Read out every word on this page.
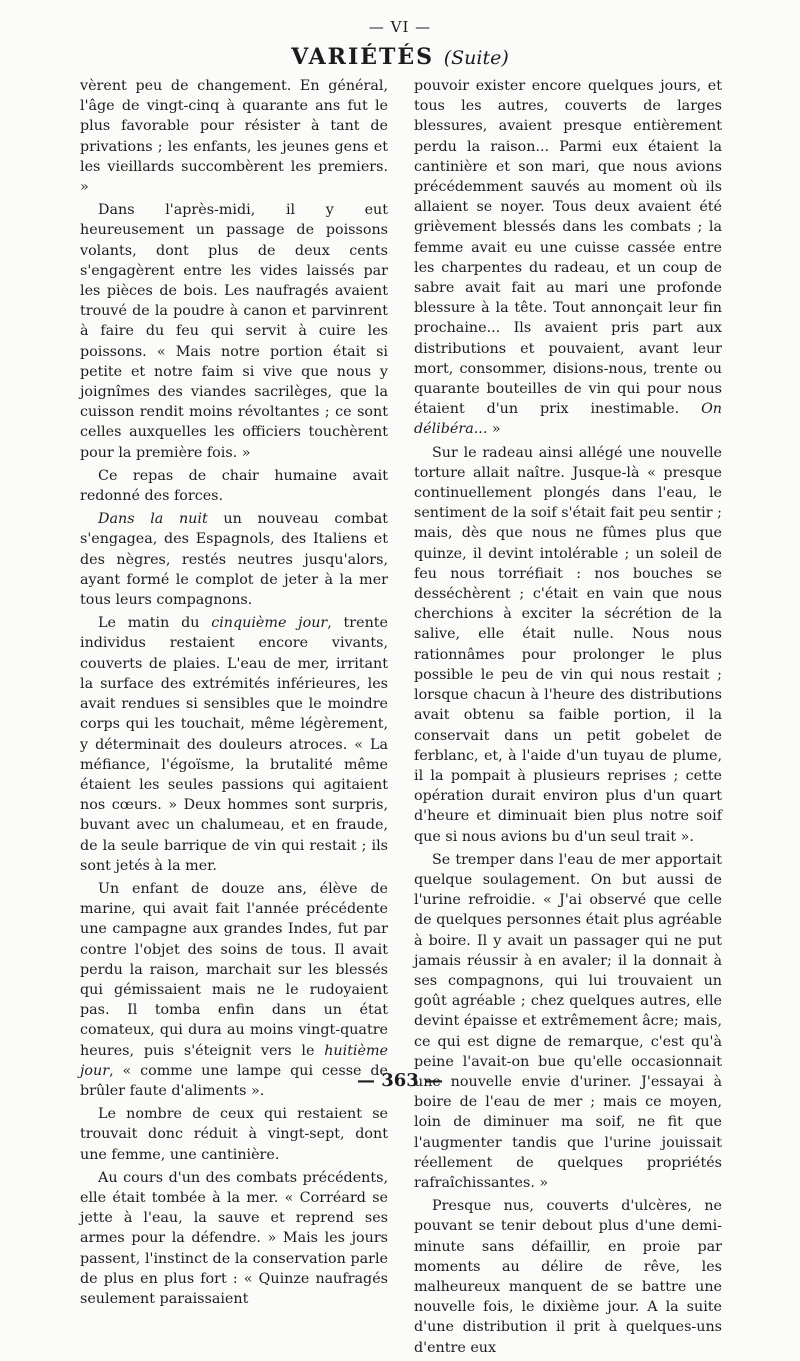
— VI —
VARIÉTÉS (Suite)

vèrent peu de changement. En général, l'âge de vingt-cinq à quarante ans fut le plus favorable pour résister à tant de privations ; les enfants, les jeunes gens et les vieillards succombèrent les premiers. »

Dans l'après-midi, il y eut heureusement un passage de poissons volants, dont plus de deux cents s'engagèrent entre les vides laissés par les pièces de bois. Les naufragés avaient trouvé de la poudre à canon et parvinrent à faire du feu qui servit à cuire les poissons. « Mais notre portion était si petite et notre faim si vive que nous y joignîmes des viandes sacrilèges, que la cuisson rendit moins révoltantes ; ce sont celles auxquelles les officiers touchèrent pour la première fois. »

Ce repas de chair humaine avait redonné des forces.

Dans la nuit un nouveau combat s'engagea, des Espagnols, des Italiens et des nègres, restés neutres jusqu'alors, ayant formé le complot de jeter à la mer tous leurs compagnons.

Le matin du cinquième jour, trente individus restaient encore vivants, couverts de plaies. L'eau de mer, irritant la surface des extrémités inférieures, les avait rendues si sensibles que le moindre corps qui les touchait, même légèrement, y déterminait des douleurs atroces. « La méfiance, l'égoïsme, la brutalité même étaient les seules passions qui agitaient nos cœurs. » Deux hommes sont surpris, buvant avec un chalumeau, et en fraude, de la seule barrique de vin qui restait ; ils sont jetés à la mer.

Un enfant de douze ans, élève de marine, qui avait fait l'année précédente une campagne aux grandes Indes, fut par contre l'objet des soins de tous. Il avait perdu la raison, marchait sur les blessés qui gémissaient mais ne le rudoyaient pas. Il tomba enfin dans un état comateux, qui dura au moins vingt-quatre heures, puis s'éteignit vers le huitième jour, « comme une lampe qui cesse de brûler faute d'aliments ».

Le nombre de ceux qui restaient se trouvait donc réduit à vingt-sept, dont une femme, une cantinière.

Au cours d'un des combats précédents, elle était tombée à la mer. « Corréard se jette à l'eau, la sauve et reprend ses armes pour la défendre. » Mais les jours passent, l'instinct de la conservation parle de plus en plus fort : « Quinze naufragés seulement paraissaient

pouvoir exister encore quelques jours, et tous les autres, couverts de larges blessures, avaient presque entièrement perdu la raison... Parmi eux étaient la cantinière et son mari, que nous avions précédemment sauvés au moment où ils allaient se noyer. Tous deux avaient été grièvement blessés dans les combats ; la femme avait eu une cuisse cassée entre les charpentes du radeau, et un coup de sabre avait fait au mari une profonde blessure à la tête. Tout annonçait leur fin prochaine... Ils avaient pris part aux distributions et pouvaient, avant leur mort, consommer, disions-nous, trente ou quarante bouteilles de vin qui pour nous étaient d'un prix inestimable. On délibéra... »

Sur le radeau ainsi allégé une nouvelle torture allait naître. Jusque-là « presque continuellement plongés dans l'eau, le sentiment de la soif s'était fait peu sentir ; mais, dès que nous ne fûmes plus que quinze, il devint intolérable ; un soleil de feu nous torréfiait : nos bouches se desséchèrent ; c'était en vain que nous cherchions à exciter la sécrétion de la salive, elle était nulle. Nous nous rationnâmes pour prolonger le plus possible le peu de vin qui nous restait ; lorsque chacun à l'heure des distributions avait obtenu sa faible portion, il la conservait dans un petit gobelet de ferblanc, et, à l'aide d'un tuyau de plume, il la pompait à plusieurs reprises ; cette opération durait environ plus d'un quart d'heure et diminuait bien plus notre soif que si nous avions bu d'un seul trait ».

Se tremper dans l'eau de mer apportait quelque soulagement. On but aussi de l'urine refroidie. « J'ai observé que celle de quelques personnes était plus agréable à boire. Il y avait un passager qui ne put jamais réussir à en avaler; il la donnait à ses compagnons, qui lui trouvaient un goût agréable ; chez quelques autres, elle devint épaisse et extrêmement âcre; mais, ce qui est digne de remarque, c'est qu'à peine l'avait-on bue qu'elle occasionnait une nouvelle envie d'uriner. J'essayai à boire de l'eau de mer ; mais ce moyen, loin de diminuer ma soif, ne fit que l'augmenter tandis que l'urine jouissait réellement de quelques propriétés rafraîchissantes. »

Presque nus, couverts d'ulcères, ne pouvant se tenir debout plus d'une demi-minute sans défaillir, en proie par moments au délire de rêve, les malheureux manquent de se battre une nouvelle fois, le dixième jour. A la suite d'une distribution il prit à quelques-uns d'entre eux

— 363 —
